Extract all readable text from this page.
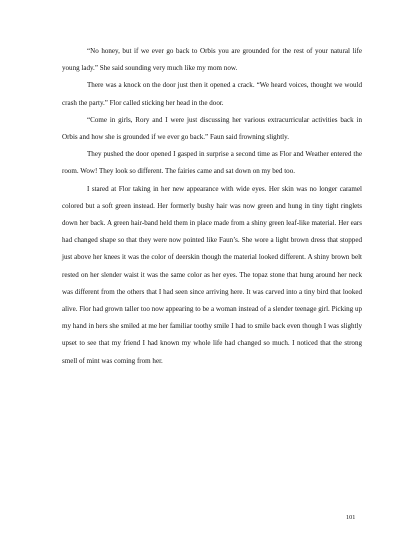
“No honey, but if we ever go back to Orbis you are grounded for the rest of your natural life young lady.” She said sounding very much like my mom now.

There was a knock on the door just then it opened a crack. “We heard voices, thought we would crash the party.” Flor called sticking her head in the door.

“Come in girls, Rory and I were just discussing her various extracurricular activities back in Orbis and how she is grounded if we ever go back.” Faun said frowning slightly.

They pushed the door opened I gasped in surprise a second time as Flor and Weather entered the room. Wow! They look so different. The fairies came and sat down on my bed too.

I stared at Flor taking in her new appearance with wide eyes. Her skin was no longer caramel colored but a soft green instead. Her formerly bushy hair was now green and hung in tiny tight ringlets down her back. A green hair-band held them in place made from a shiny green leaf-like material. Her ears had changed shape so that they were now pointed like Faun’s. She wore a light brown dress that stopped just above her knees it was the color of deerskin though the material looked different. A shiny brown belt rested on her slender waist it was the same color as her eyes. The topaz stone that hung around her neck was different from the others that I had seen since arriving here. It was carved into a tiny bird that looked alive. Flor had grown taller too now appearing to be a woman instead of a slender teenage girl. Picking up my hand in hers she smiled at me her familiar toothy smile I had to smile back even though I was slightly upset to see that my friend I had known my whole life had changed so much. I noticed that the strong smell of mint was coming from her.

101
